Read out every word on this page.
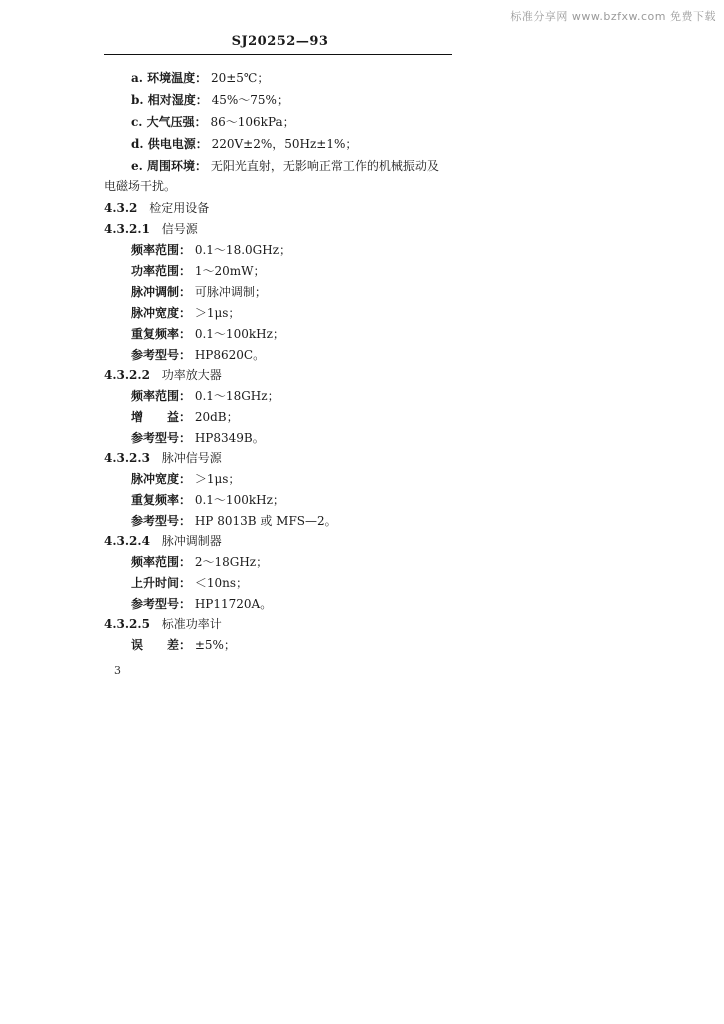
标准分享网 www.bzfxw.com 免费下载
SJ20252—93
a. 环境温度： 20±5℃；
b. 相对湿度： 45%～75%；
c. 大气压强： 86～106kPa；
d. 供电电源： 220V±2%，50Hz±1%；
e. 周围环境： 无阳光直射，无影响正常工作的机械振动及
电磁场干扰。
4.3.2 检定用设备
4.3.2.1 信号源
频率范围： 0.1～18.0GHz；
功率范围： 1～20mW；
脉冲调制： 可脉冲调制；
脉冲宽度： ＞1μs；
重复频率： 0.1～100kHz；
参考型号： HP8620C。
4.3.2.2 功率放大器
频率范围： 0.1～18GHz；
增　　益： 20dB；
参考型号： HP8349B。
4.3.2.3 脉冲信号源
脉冲宽度： ＞1μs；
重复频率： 0.1～100kHz；
参考型号： HP 8013B 或 MFS—2。
4.3.2.4 脉冲调制器
频率范围： 2～18GHz；
上升时间： ＜10ns；
参考型号： HP11720A。
4.3.2.5 标准功率计
误　　差： ±5%；
3
